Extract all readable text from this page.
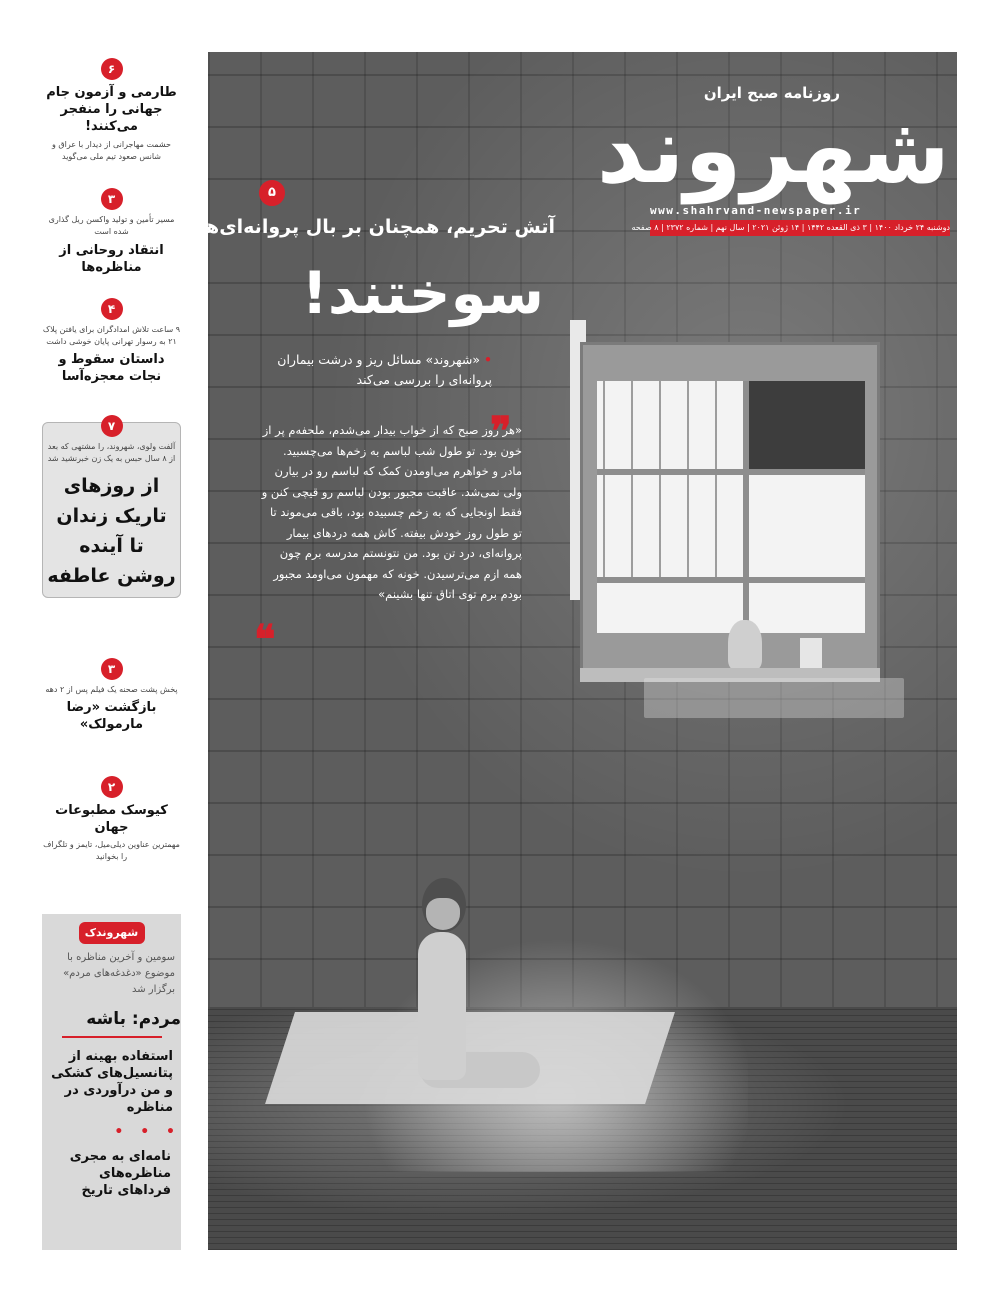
۶
طارمی و آزمون جام جهانی را منفجر می‌کنند!
حشمت مهاجرانی از دیدار با عراق و شانس صعود تیم ملی می‌گوید
۳
مسیر تأمین و تولید واکسن ریل گذاری شده است
انتقاد روحانی از مناظره‌ها
۴
۹ ساعت تلاش امدادگران برای یافتن پلاک ۲۱ به رسوار تهرانی پایان خوشی داشت
داستان سقوط و نجات معجزه‌آسا
۷
آلفت ولوی، شهروند، را مشتهی که بعد از ۸ سال حبس به یک زن خبرنشید شد
از روزهای تاریک زندان تا آینده روشن عاطفه
۳
پخش پشت صحنه یک فیلم پس از ۲ دهه
بازگشت «رضا مارمولک»
۲
کیوسک مطبوعات جهان
مهمترین عناوین دیلی‌میل، تایمز و تلگراف را بخوانید
شهروندک
سومین و آخرین مناظره با موضوع «دغدغه‌های مردم» برگزار شد
مردم: باشه
استفاده بهینه از پتانسیل‌های کشکی و من درآوردی در مناظره
• • •
نامه‌ای به مجری مناظره‌های فرداهای تاریخ
روزنامه صبح ایران
شهروند
www.shahrvand-newspaper.ir
دوشنبه ۲۴ خرداد ۱۴۰۰ | ۳ ذی القعده ۱۴۴۲ | ۱۴ ژوئن ۲۰۲۱ | سال نهم | شماره ۲۳۷۲ | ۸ صفحه
۵
آتش تحریم، همچنان بر بال پروانه‌ای‌ها
سوختند!
• «شهروند» مسائل ریز و درشت بیماران پروانه‌ای را بررسی می‌کند
❞
«هر روز صبح که از خواب بیدار می‌شدم، ملحفه‌م پر از خون بود. تو طول شب لباسم به زخم‌ها می‌چسبید. مادر و خواهرم می‌اومدن کمک که لباسم رو در بیارن ولی نمی‌شد. عاقبت مجبور بودن لباسم رو قیچی کنن و فقط اونجایی که به زخم چسبیده بود، باقی می‌موند تا تو طول روز خودش بیفته. کاش همه دردهای بیمار پروانه‌ای، درد تن بود. من نتونستم مدرسه برم چون همه ازم می‌ترسیدن. خونه که مهمون می‌اومد مجبور بودم برم توی اتاق تنها بشینم»
❝
